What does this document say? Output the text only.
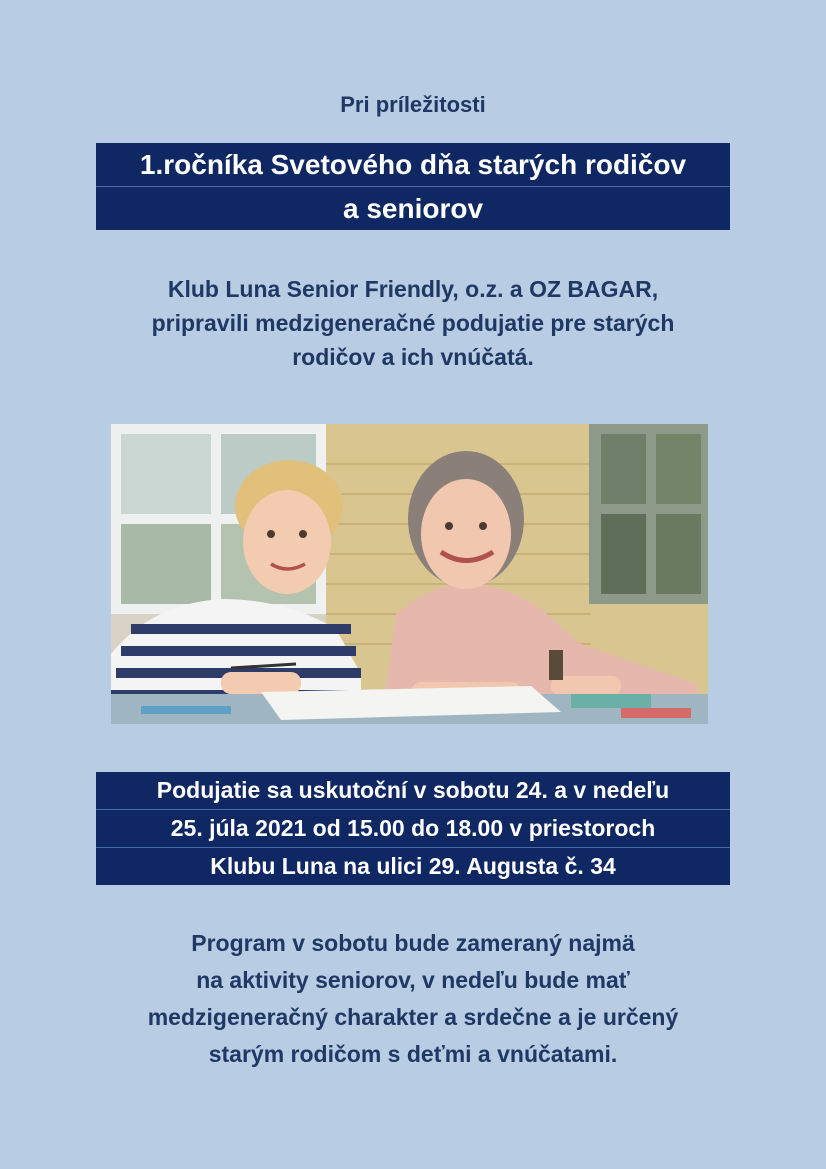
Pri príležitosti
1.ročníka Svetového dňa starých rodičov
a seniorov
Klub Luna Senior Friendly, o.z. a OZ BAGAR,
pripravili medzigeneračné podujatie pre starých
rodičov a ich vnúčatá.
Podujatie sa uskutoční v sobotu 24. a v nedeľu
25. júla 2021 od 15.00 do 18.00 v priestoroch
Klubu Luna na ulici 29. Augusta č. 34
Program v sobotu bude zameraný najmä
na aktivity seniorov, v nedeľu bude mať
medzigeneračný charakter a srdečne a je určený
starým rodičom s deťmi a vnúčatami.
